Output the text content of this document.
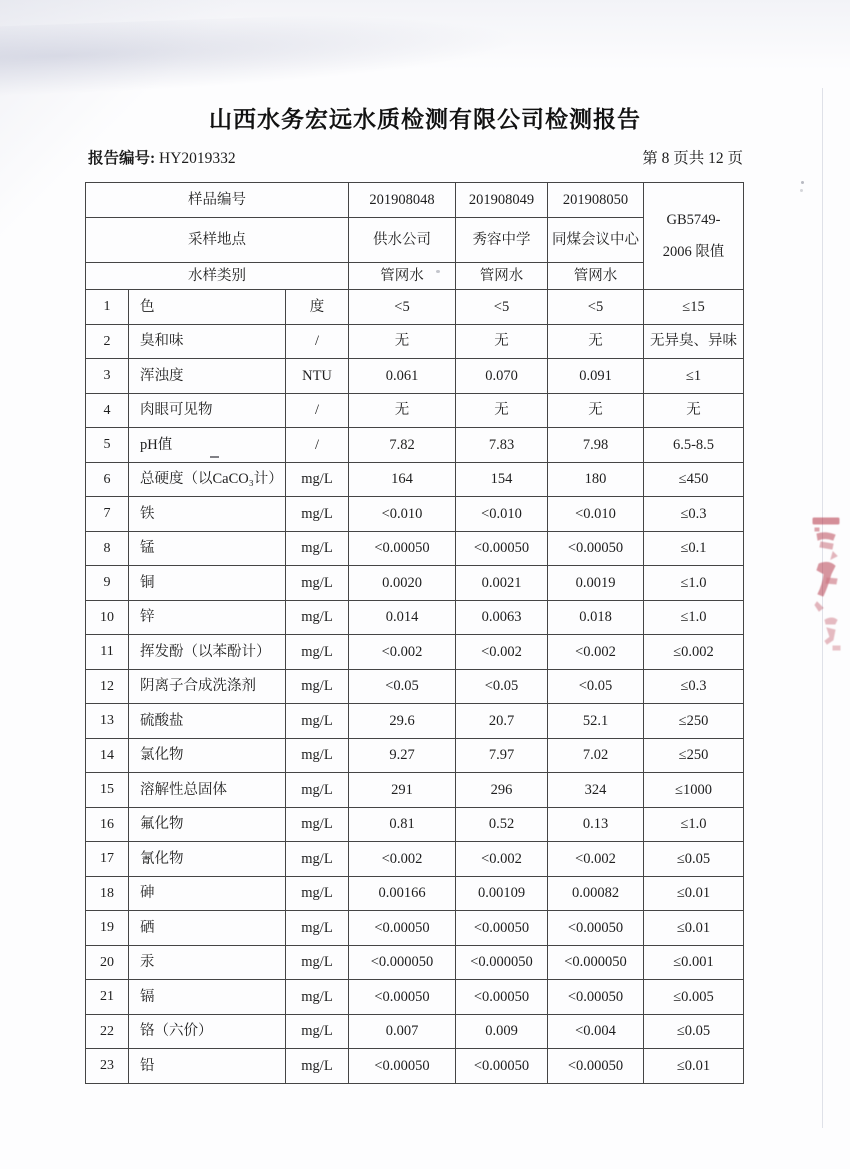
山西水务宏远水质检测有限公司检测报告
报告编号: HY2019332	第 8 页共 12 页
样品编号			201908048	201908049	201908050	GB5749-
2006 限值

采样地点			供水公司	秀容中学	同煤会议中心	
水样类别			管网水	管网水	管网水	
1	色	度	<5	<5	<5	≤15
2	臭和味	/	无	无	无	无异臭、异味
3	浑浊度	NTU	0.061	0.070	0.091	≤1
4	肉眼可见物	/	无	无	无	无
5	pH值	/	7.82	7.83	7.98	6.5-8.5
6	总硬度（以CaCO₃计）	mg/L	164	154	180	≤450
7	铁	mg/L	<0.010	<0.010	<0.010	≤0.3
8	锰	mg/L	<0.00050	<0.00050	<0.00050	≤0.1
9	铜	mg/L	0.0020	0.0021	0.0019	≤1.0
10	锌	mg/L	0.014	0.0063	0.018	≤1.0
11	挥发酚（以苯酚计）	mg/L	<0.002	<0.002	<0.002	≤0.002
12	阴离子合成洗涤剂	mg/L	<0.05	<0.05	<0.05	≤0.3
13	硫酸盐	mg/L	29.6	20.7	52.1	≤250
14	氯化物	mg/L	9.27	7.97	7.02	≤250
15	溶解性总固体	mg/L	291	296	324	≤1000
16	氟化物	mg/L	0.81	0.52	0.13	≤1.0
17	氰化物	mg/L	<0.002	<0.002	<0.002	≤0.05
18	砷	mg/L	0.00166	0.00109	0.00082	≤0.01
19	硒	mg/L	<0.00050	<0.00050	<0.00050	≤0.01
20	汞	mg/L	<0.000050	<0.000050	<0.000050	≤0.001
21	镉	mg/L	<0.00050	<0.00050	<0.00050	≤0.005
22	铬（六价）	mg/L	0.007	0.009	<0.004	≤0.05
23	铅	mg/L	<0.00050	<0.00050	<0.00050	≤0.01
